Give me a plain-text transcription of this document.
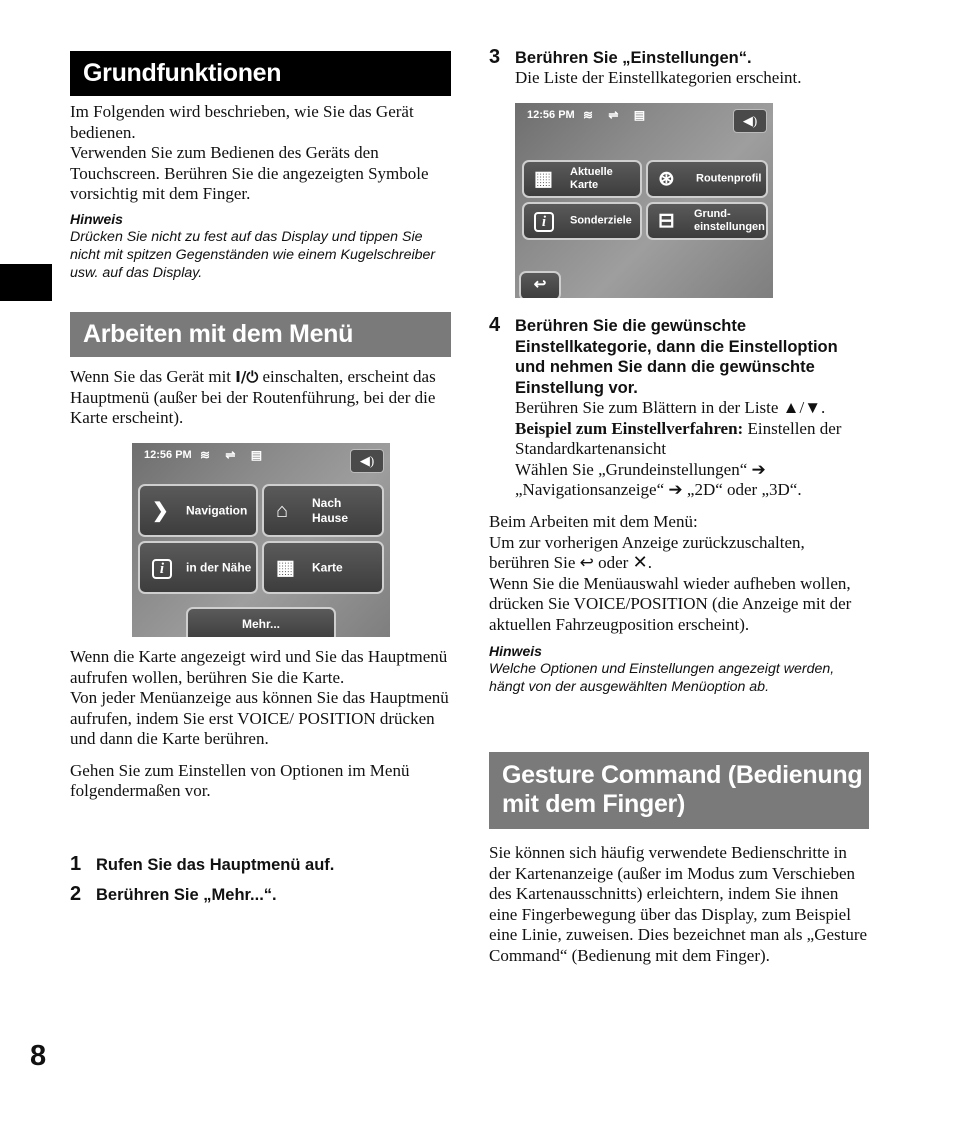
Grundfunktionen

Im Folgenden wird beschrieben, wie Sie das Gerät bedienen.

Verwenden Sie zum Bedienen des Geräts den Touchscreen. Berühren Sie die angezeigten Symbole vorsichtig mit dem Finger.

Hinweis

Drücken Sie nicht zu fest auf das Display und tippen Sie nicht mit spitzen Gegenständen wie einem Kugelschreiber usw. auf das Display.

Arbeiten mit dem Menü

Wenn Sie das Gerät mit I/⏻ einschalten, erscheint das Hauptmenü (außer bei der Routenführung, bei der die Karte erscheint).

12:56 PM ≋ ⇌ ▤	◀)
❯ Navigation ⌂ Nach
Hause
i	in der Nähe ▦ Karte
Mehr...

Wenn die Karte angezeigt wird und Sie das Hauptmenü aufrufen wollen, berühren Sie die Karte.

Von jeder Menüanzeige aus können Sie das Hauptmenü aufrufen, indem Sie erst VOICE/ POSITION drücken und dann die Karte berühren.

Gehen Sie zum Einstellen von Optionen im Menü folgendermaßen vor.

1 Rufen Sie das Hauptmenü auf.

2 Berühren Sie „Mehr...“.

3 Berühren Sie „Einstellungen“.

Die Liste der Einstellkategorien erscheint.

12:56 PM ≋ ⇌ ▤	◀)
▦ Aktuelle
Karte	⊛ Routenprofil
i	Sonderziele ⊟ Grund-
einstellungen
↩
4 Berühren Sie die gewünschte Einstellkategorie, dann die Einstelloption und nehmen Sie dann die gewünschte Einstellung vor.

Berühren Sie zum Blättern in der Liste ▲/▼.

Beispiel zum Einstellverfahren: Einstellen der Standardkartenansicht

Wählen Sie „Grundeinstellungen“ ➔ „Navigationsanzeige“ ➔ „2D“ oder „3D“.

Beim Arbeiten mit dem Menü:

Um zur vorherigen Anzeige zurückzuschalten, berühren Sie ↩ oder ✕.

Wenn Sie die Menüauswahl wieder aufheben wollen, drücken Sie VOICE/POSITION (die Anzeige mit der aktuellen Fahrzeugposition erscheint).

Hinweis

Welche Optionen und Einstellungen angezeigt werden, hängt von der ausgewählten Menüoption ab.

Gesture Command (Bedienung
mit dem Finger)

Sie können sich häufig verwendete Bedienschritte in der Kartenanzeige (außer im Modus zum Verschieben des Kartenausschnitts) erleichtern, indem Sie ihnen eine Fingerbewegung über das Display, zum Beispiel eine Linie, zuweisen. Dies bezeichnet man als „Gesture Command“ (Bedienung mit dem Finger).

8
